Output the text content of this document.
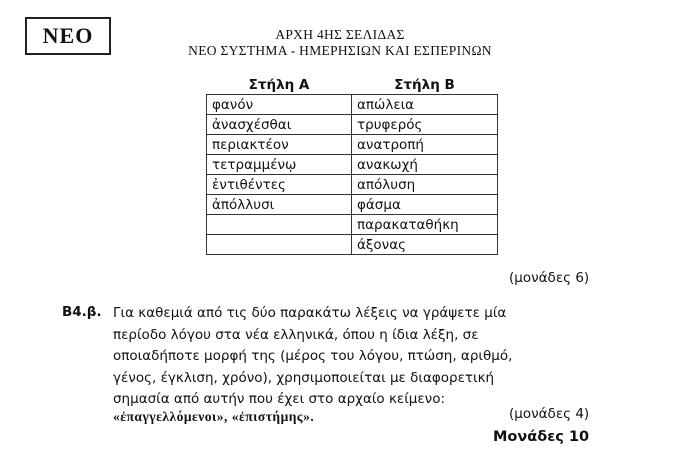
ΝΕΟ	ΑΡΧΗ 4ΗΣ ΣΕΛΙΔΑΣ
ΝΕΟ ΣΥΣΤΗΜΑ - ΗΜΕΡΗΣΙΩΝ ΚΑΙ ΕΣΠΕΡΙΝΩΝ
Στήλη Α	Στήλη Β
φανόν	απώλεια
ἀνασχέσθαι	τρυφερός
περιακτέον	ανατροπή
τετραμμένῳ	ανακωχή
ἐντιθέντες	απόλυση
ἀπόλλυσι	φάσμα
	παρακαταθήκη
	άξονας
(μονάδες 6)
Β4.β. Για καθεμιά από τις δύο παρακάτω λέξεις να γράψετε μία
περίοδο λόγου στα νέα ελληνικά, όπου η ίδια λέξη, σε
οποιαδήποτε μορφή της (μέρος του λόγου, πτώση, αριθμό,
γένος, έγκλιση, χρόνο), χρησιμοποιείται με διαφορετική
σημασία από αυτήν που έχει στο αρχαίο κείμενο:
«ἐπαγγελλόμενοι», «ἐπιστήμης».	(μονάδες 4)
Μονάδες 10
